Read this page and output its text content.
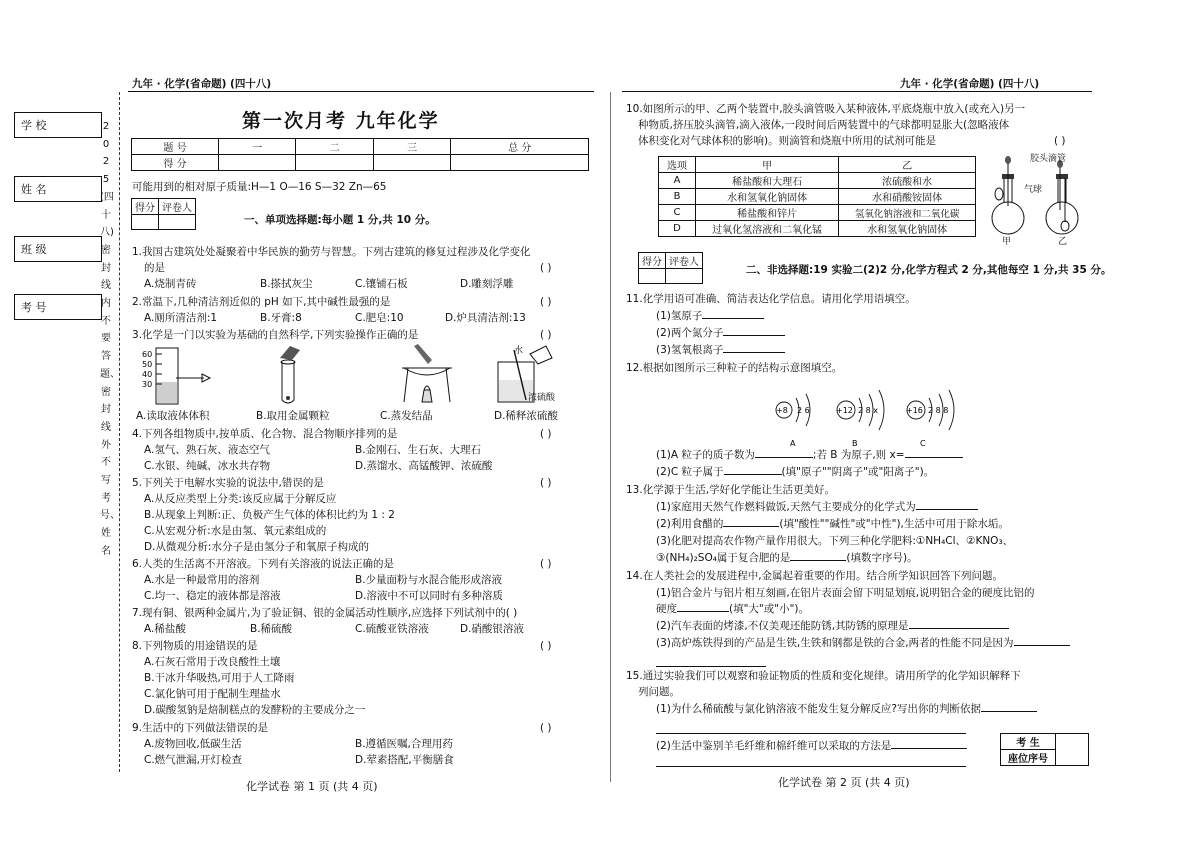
学 校
姓 名
班 级
考 号
2025(四十八)密封线内不要答题、密封线外不写考号、姓名
九年 · 化学(省命题) (四十八)
第一次月考 九年化学
题 号	一	二	三	总 分
得 分				
可能用到的相对原子质量:H—1 O—16 S—32 Zn—65
得分	评卷人

一、单项选择题:每小题 1 分,共 10 分。
1.我国古建筑处处凝聚着中华民族的勤劳与智慧。下列古建筑的修复过程涉及化学变化
的是	( )
A.烧制青砖	B.搽拭灰尘	C.镶铺石板	D.雕刻浮雕
2.常温下,几种清洁剂近似的 pH 如下,其中碱性最强的是	( )
A.厕所清洁剂:1	B.牙膏:8	C.肥皂:10	D.炉具清洁剂:13
3.化学是一门以实验为基础的自然科学,下列实验操作正确的是	( )
60
50
40
30
水
浓硫酸
A.读取液体体积	B.取用金属颗粒	C.蒸发结晶	D.稀释浓硫酸
4.下列各组物质中,按单质、化合物、混合物顺序排列的是	( )
A.氢气、熟石灰、液态空气	B.金刚石、生石灰、大理石
C.水银、纯碱、冰水共存物	D.蒸馏水、高锰酸钾、浓硫酸
5.下列关于电解水实验的说法中,错误的是	( )
A.从反应类型上分类:该反应属于分解反应
B.从现象上判断:正、负极产生气体的体积比约为 1 : 2
C.从宏观分析:水是由氢、氧元素组成的
D.从微观分析:水分子是由氢分子和氧原子构成的
6.人类的生活离不开溶液。下列有关溶液的说法正确的是	( )
A.水是一种最常用的溶剂	B.少量面粉与水混合能形成溶液
C.均一、稳定的液体都是溶液	D.溶液中不可以同时有多种溶质
7.现有铜、银两种金属片,为了验证铜、银的金属活动性顺序,应选择下列试剂中的( )
A.稀盐酸	B.稀硫酸	C.硫酸亚铁溶液	D.硝酸银溶液
8.下列物质的用途错误的是	( )
A.石灰石常用于改良酸性土壤
B.干冰升华吸热,可用于人工降雨
C.氯化钠可用于配制生理盐水
D.碳酸氢钠是焙制糕点的发酵粉的主要成分之一
9.生活中的下列做法错误的是	( )
A.废物回收,低碳生活	B.遵循医嘱,合理用药
C.燃气泄漏,开灯检查	D.荤素搭配,平衡膳食
化学试卷 第 1 页 (共 4 页)
九年 · 化学(省命题) (四十八)
10.如图所示的甲、乙两个装置中,胶头滴管吸入某种液体,平底烧瓶中放入(或充入)另一
种物质,挤压胶头滴管,滴入液体,一段时间后两装置中的气球都明显胀大(忽略液体
体积变化对气球体积的影响)。则滴管和烧瓶中所用的试剂可能是	( )
选项	甲	乙
A	稀盐酸和大理石	浓硫酸和水
B	水和氢氧化钠固体	水和硝酸铵固体
C	稀盐酸和锌片	氢氧化钠溶液和二氧化碳
D	过氧化氢溶液和二氧化锰	水和氢氧化钠固体
胶头滴管
气球
甲	乙
得分	评卷人

二、非选择题:19 实验二(2)2 分,化学方程式 2 分,其他每空 1 分,共 35 分。
11.化学用语可准确、简洁表达化学信息。请用化学用语填空。
(1)氢原子
(2)两个氮分子
(3)氢氧根离子
12.根据如图所示三种粒子的结构示意图填空。
+8 2 6	+12 2 8 x	+16 2 8 8
A	B	C
(1)A 粒子的质子数为	;若 B 为原子,则 x=
(2)C 粒子属于	(填"原子""阴离子"或"阳离子")。
13.化学源于生活,学好化学能让生活更美好。
(1)家庭用天然气作燃料做饭,天然气主要成分的化学式为
(2)利用食醋的	(填"酸性""碱性"或"中性"),生活中可用于除水垢。
(3)化肥对提高农作物产量作用很大。下列三种化学肥料:①NH₄Cl、②KNO₃、
③(NH₄)₂SO₄属于复合肥的是	(填数字序号)。
14.在人类社会的发展进程中,金属起着重要的作用。结合所学知识回答下列问题。
(1)铝合金片与铝片相互刻画,在铝片表面会留下明显划痕,说明铝合金的硬度比铝的
硬度	(填"大"或"小")。
(2)汽车表面的烤漆,不仅美观还能防锈,其防锈的原理是
(3)高炉炼铁得到的产品是生铁,生铁和钢都是铁的合金,两者的性能不同是因为
15.通过实验我们可以观察和验证物质的性质和变化规律。请用所学的化学知识解释下
列问题。
(1)为什么稀硫酸与氯化钠溶液不能发生复分解反应?写出你的判断依据
(2)生活中鉴别羊毛纤维和棉纤维可以采取的方法是	考 生	
座位序号
化学试卷 第 2 页 (共 4 页)
